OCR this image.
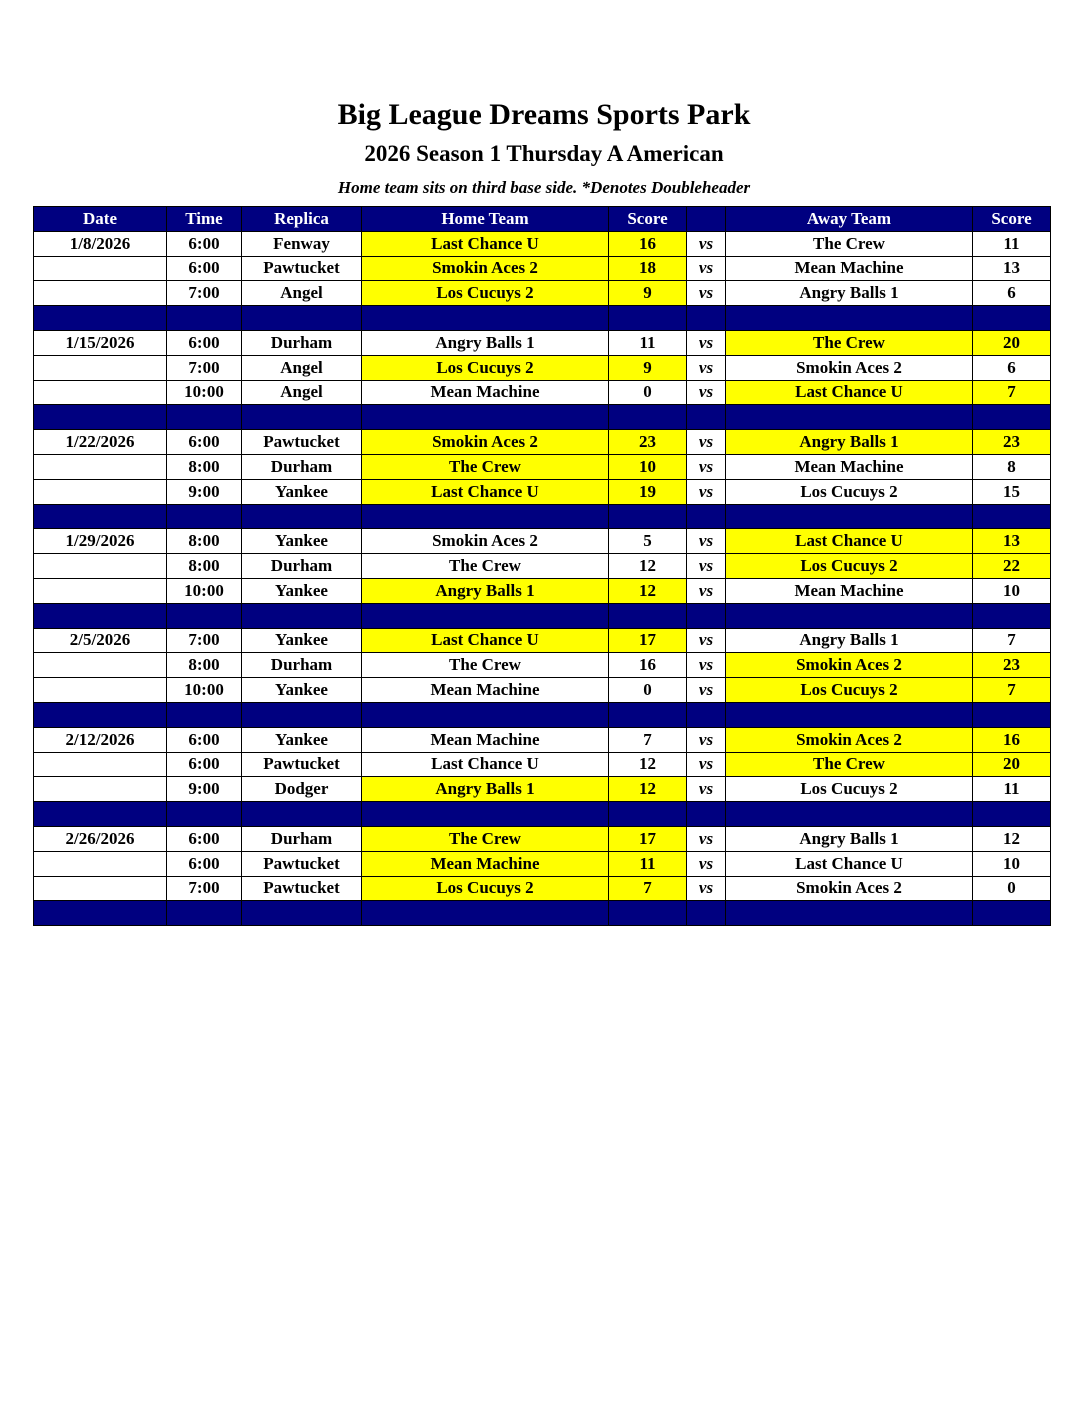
Big League Dreams Sports Park
2026 Season 1 Thursday A American
Home team sits on third base side. *Denotes Doubleheader
Date	Time	Replica	Home Team	Score		Away Team	Score
1/8/2026	6:00	Fenway	Last Chance U	16	vs	The Crew	11
	6:00	Pawtucket	Smokin Aces 2	18	vs	Mean Machine	13
	7:00	Angel	Los Cucuys 2	9	vs	Angry Balls 1	6

1/15/2026	6:00	Durham	Angry Balls 1	11	vs	The Crew	20
	7:00	Angel	Los Cucuys 2	9	vs	Smokin Aces 2	6
	10:00	Angel	Mean Machine	0	vs	Last Chance U	7

1/22/2026	6:00	Pawtucket	Smokin Aces 2	23	vs	Angry Balls 1	23
	8:00	Durham	The Crew	10	vs	Mean Machine	8
	9:00	Yankee	Last Chance U	19	vs	Los Cucuys 2	15

1/29/2026	8:00	Yankee	Smokin Aces 2	5	vs	Last Chance U	13
	8:00	Durham	The Crew	12	vs	Los Cucuys 2	22
	10:00	Yankee	Angry Balls 1	12	vs	Mean Machine	10

2/5/2026	7:00	Yankee	Last Chance U	17	vs	Angry Balls 1	7
	8:00	Durham	The Crew	16	vs	Smokin Aces 2	23
	10:00	Yankee	Mean Machine	0	vs	Los Cucuys 2	7

2/12/2026	6:00	Yankee	Mean Machine	7	vs	Smokin Aces 2	16
	6:00	Pawtucket	Last Chance U	12	vs	The Crew	20
	9:00	Dodger	Angry Balls 1	12	vs	Los Cucuys 2	11

2/26/2026	6:00	Durham	The Crew	17	vs	Angry Balls 1	12
	6:00	Pawtucket	Mean Machine	11	vs	Last Chance U	10
	7:00	Pawtucket	Los Cucuys 2	7	vs	Smokin Aces 2	0
